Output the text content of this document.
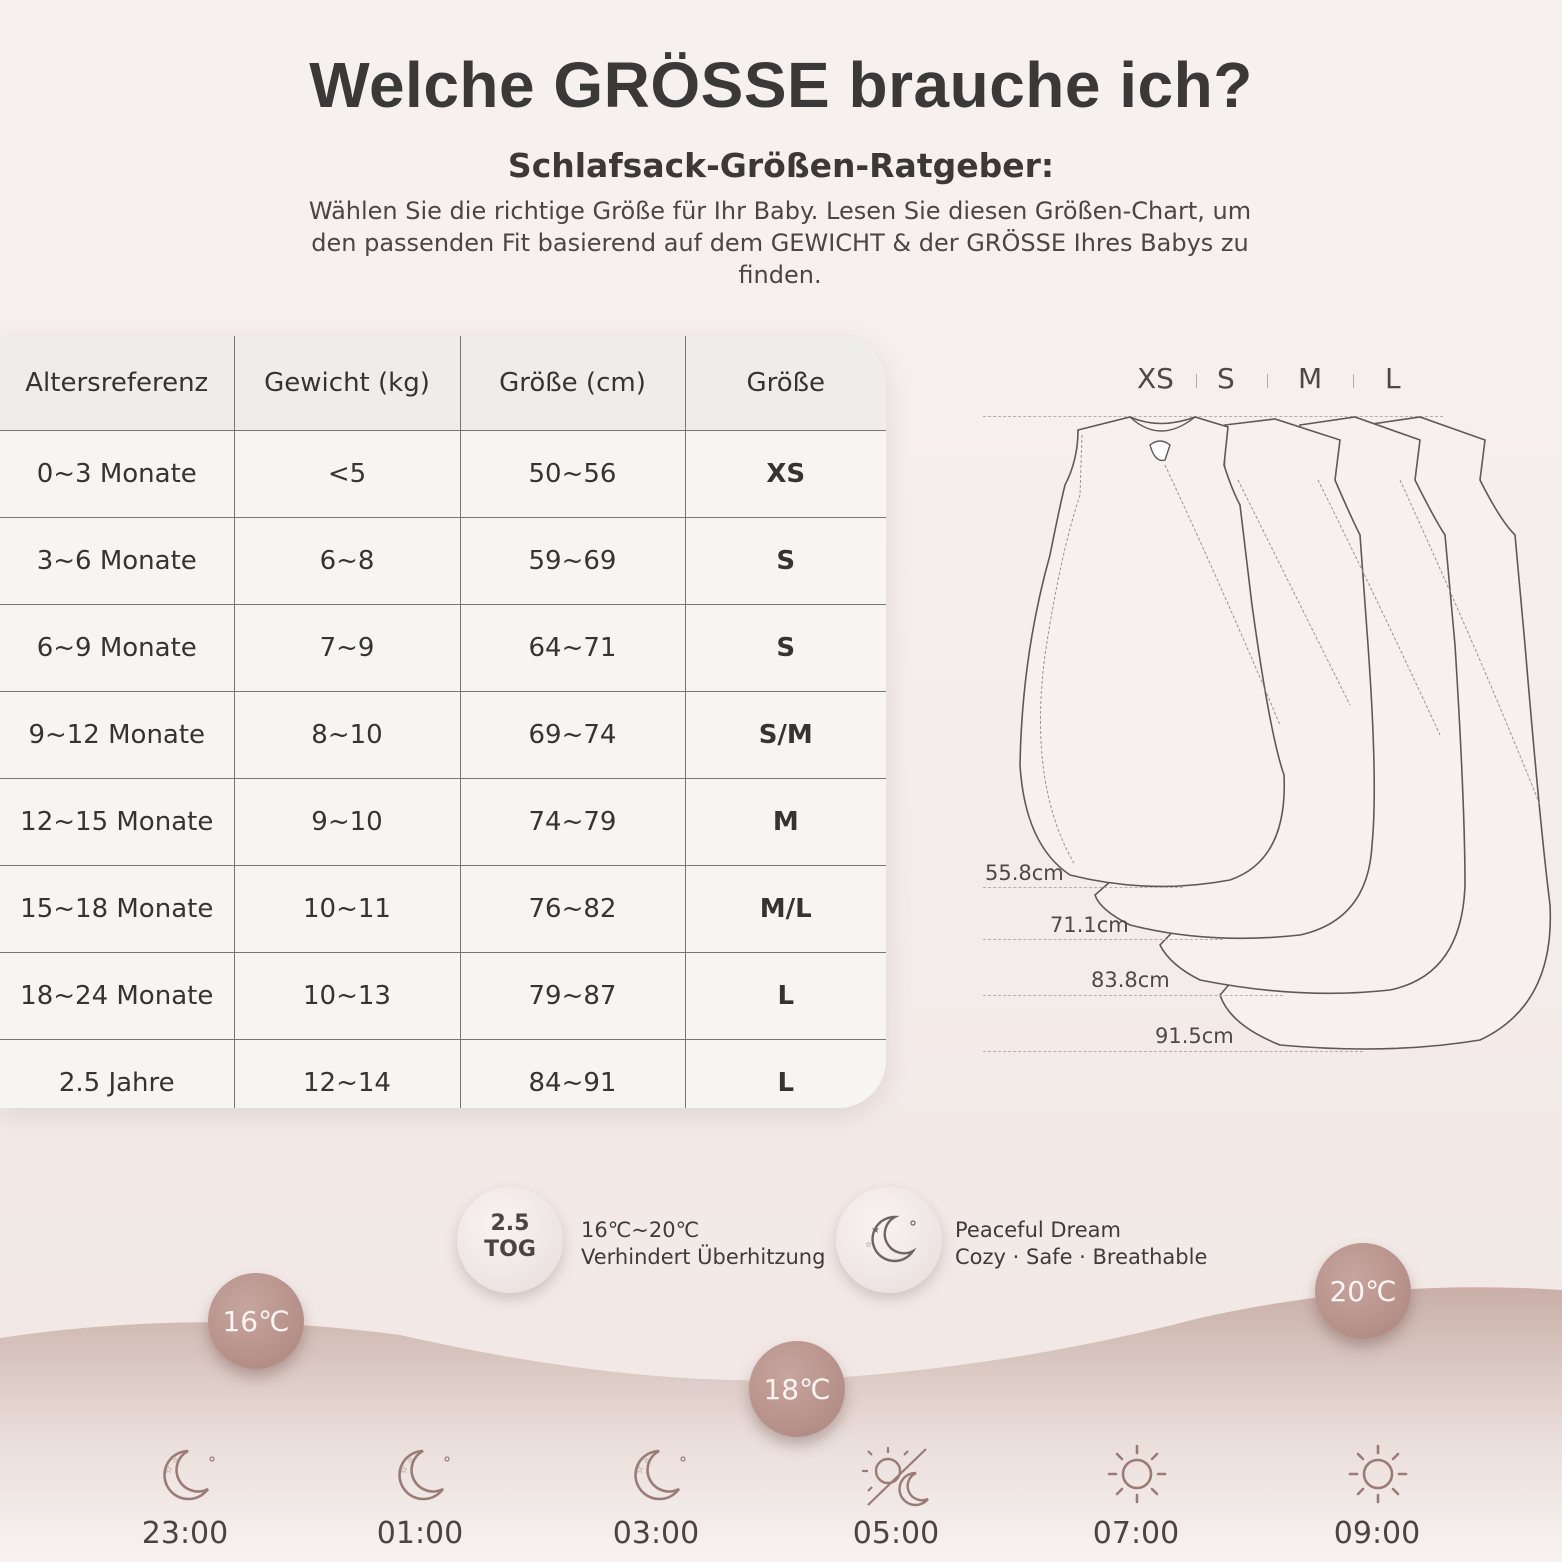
Welche GRÖSSE brauche ich?
Schlafsack-Größen-Ratgeber:
Wählen Sie die richtige Größe für Ihr Baby. Lesen Sie diesen Größen-Chart, um den passenden Fit basierend auf dem GEWICHT & der GRÖSSE Ihres Babys zu finden.
Altersreferenz	Gewicht (kg)	Größe (cm)	Größe
0~3 Monate	<5	50~56	XS
3~6 Monate	6~8	59~69	S
6~9 Monate	7~9	64~71	S
9~12 Monate	8~10	69~74	S/M
12~15 Monate	9~10	74~79	M
15~18 Monate	10~11	76~82	M/L
18~24 Monate	10~13	79~87	L
2.5 Jahre	12~14	84~91	L
XS S M L
55.8cm
71.1cm
83.8cm
91.5cm
2.5
TOG
16℃~20℃
Verhindert Überhitzung
★
☆
Peaceful Dream
Cozy · Safe · Breathable
16℃
18℃
20℃
☆
☆
☆
☆
☆
☆
23:00	01:00	03:00	05:00	07:00	09:00
